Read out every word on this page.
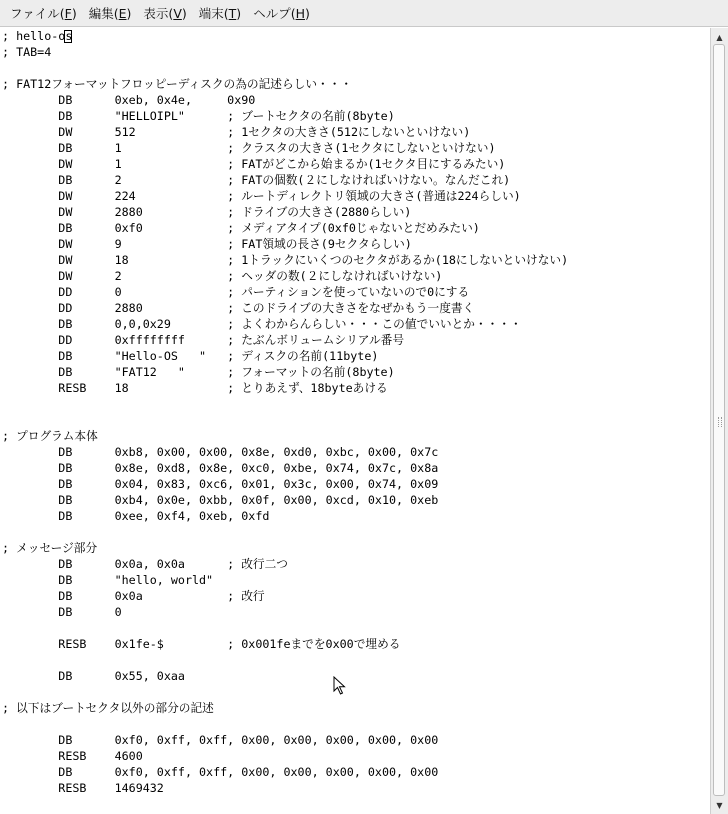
ファイル(F) 編集(E) 表示(V) 端末(T) ヘルプ(H)
; hello-os
; TAB=4
; FAT12フォーマットフロッピーディスクの為の記述らしい・・・
DB      0xeb, 0x4e,     0x90
DB      "HELLOIPL"      ; ブートセクタの名前(8byte)
DW      512             ; 1セクタの大きさ(512にしないといけない)
DB      1               ; クラスタの大きさ(1セクタにしないといけない)
DW      1               ; FATがどこから始まるか(1セクタ目にするみたい)
DB      2               ; FATの個数(２にしなければいけない。なんだこれ)
DW      224             ; ルートディレクトリ領域の大きさ(普通は224らしい)
DW      2880            ; ドライブの大きさ(2880らしい)
DB      0xf0            ; メディアタイプ(0xf0じゃないとだめみたい)
DW      9               ; FAT領域の長さ(9セクタらしい)
DW      18              ; 1トラックにいくつのセクタがあるか(18にしないといけない)
DW      2               ; ヘッダの数(２にしなければいけない)
DD      0               ; パーティションを使っていないので0にする
DD      2880            ; このドライブの大きさをなぜかもう一度書く
DB      0,0,0x29        ; よくわからんらしい・・・この値でいいとか・・・・
DD      0xffffffff      ; たぶんボリュームシリアル番号
DB      "Hello-OS   "   ; ディスクの名前(11byte)
DB      "FAT12   "      ; フォーマットの名前(8byte)
RESB    18              ; とりあえず、18byteあける
; プログラム本体
DB      0xb8, 0x00, 0x00, 0x8e, 0xd0, 0xbc, 0x00, 0x7c
DB      0x8e, 0xd8, 0x8e, 0xc0, 0xbe, 0x74, 0x7c, 0x8a
DB      0x04, 0x83, 0xc6, 0x01, 0x3c, 0x00, 0x74, 0x09
DB      0xb4, 0x0e, 0xbb, 0x0f, 0x00, 0xcd, 0x10, 0xeb
DB      0xee, 0xf4, 0xeb, 0xfd
; メッセージ部分
DB      0x0a, 0x0a      ; 改行二つ
DB      "hello, world"
DB      0x0a            ; 改行
DB      0
RESB    0x1fe-$         ; 0x001feまでを0x00で埋める
DB      0x55, 0xaa
; 以下はブートセクタ以外の部分の記述
DB      0xf0, 0xff, 0xff, 0x00, 0x00, 0x00, 0x00, 0x00
RESB    4600
DB      0xf0, 0xff, 0xff, 0x00, 0x00, 0x00, 0x00, 0x00
RESB    1469432
▲
▼
